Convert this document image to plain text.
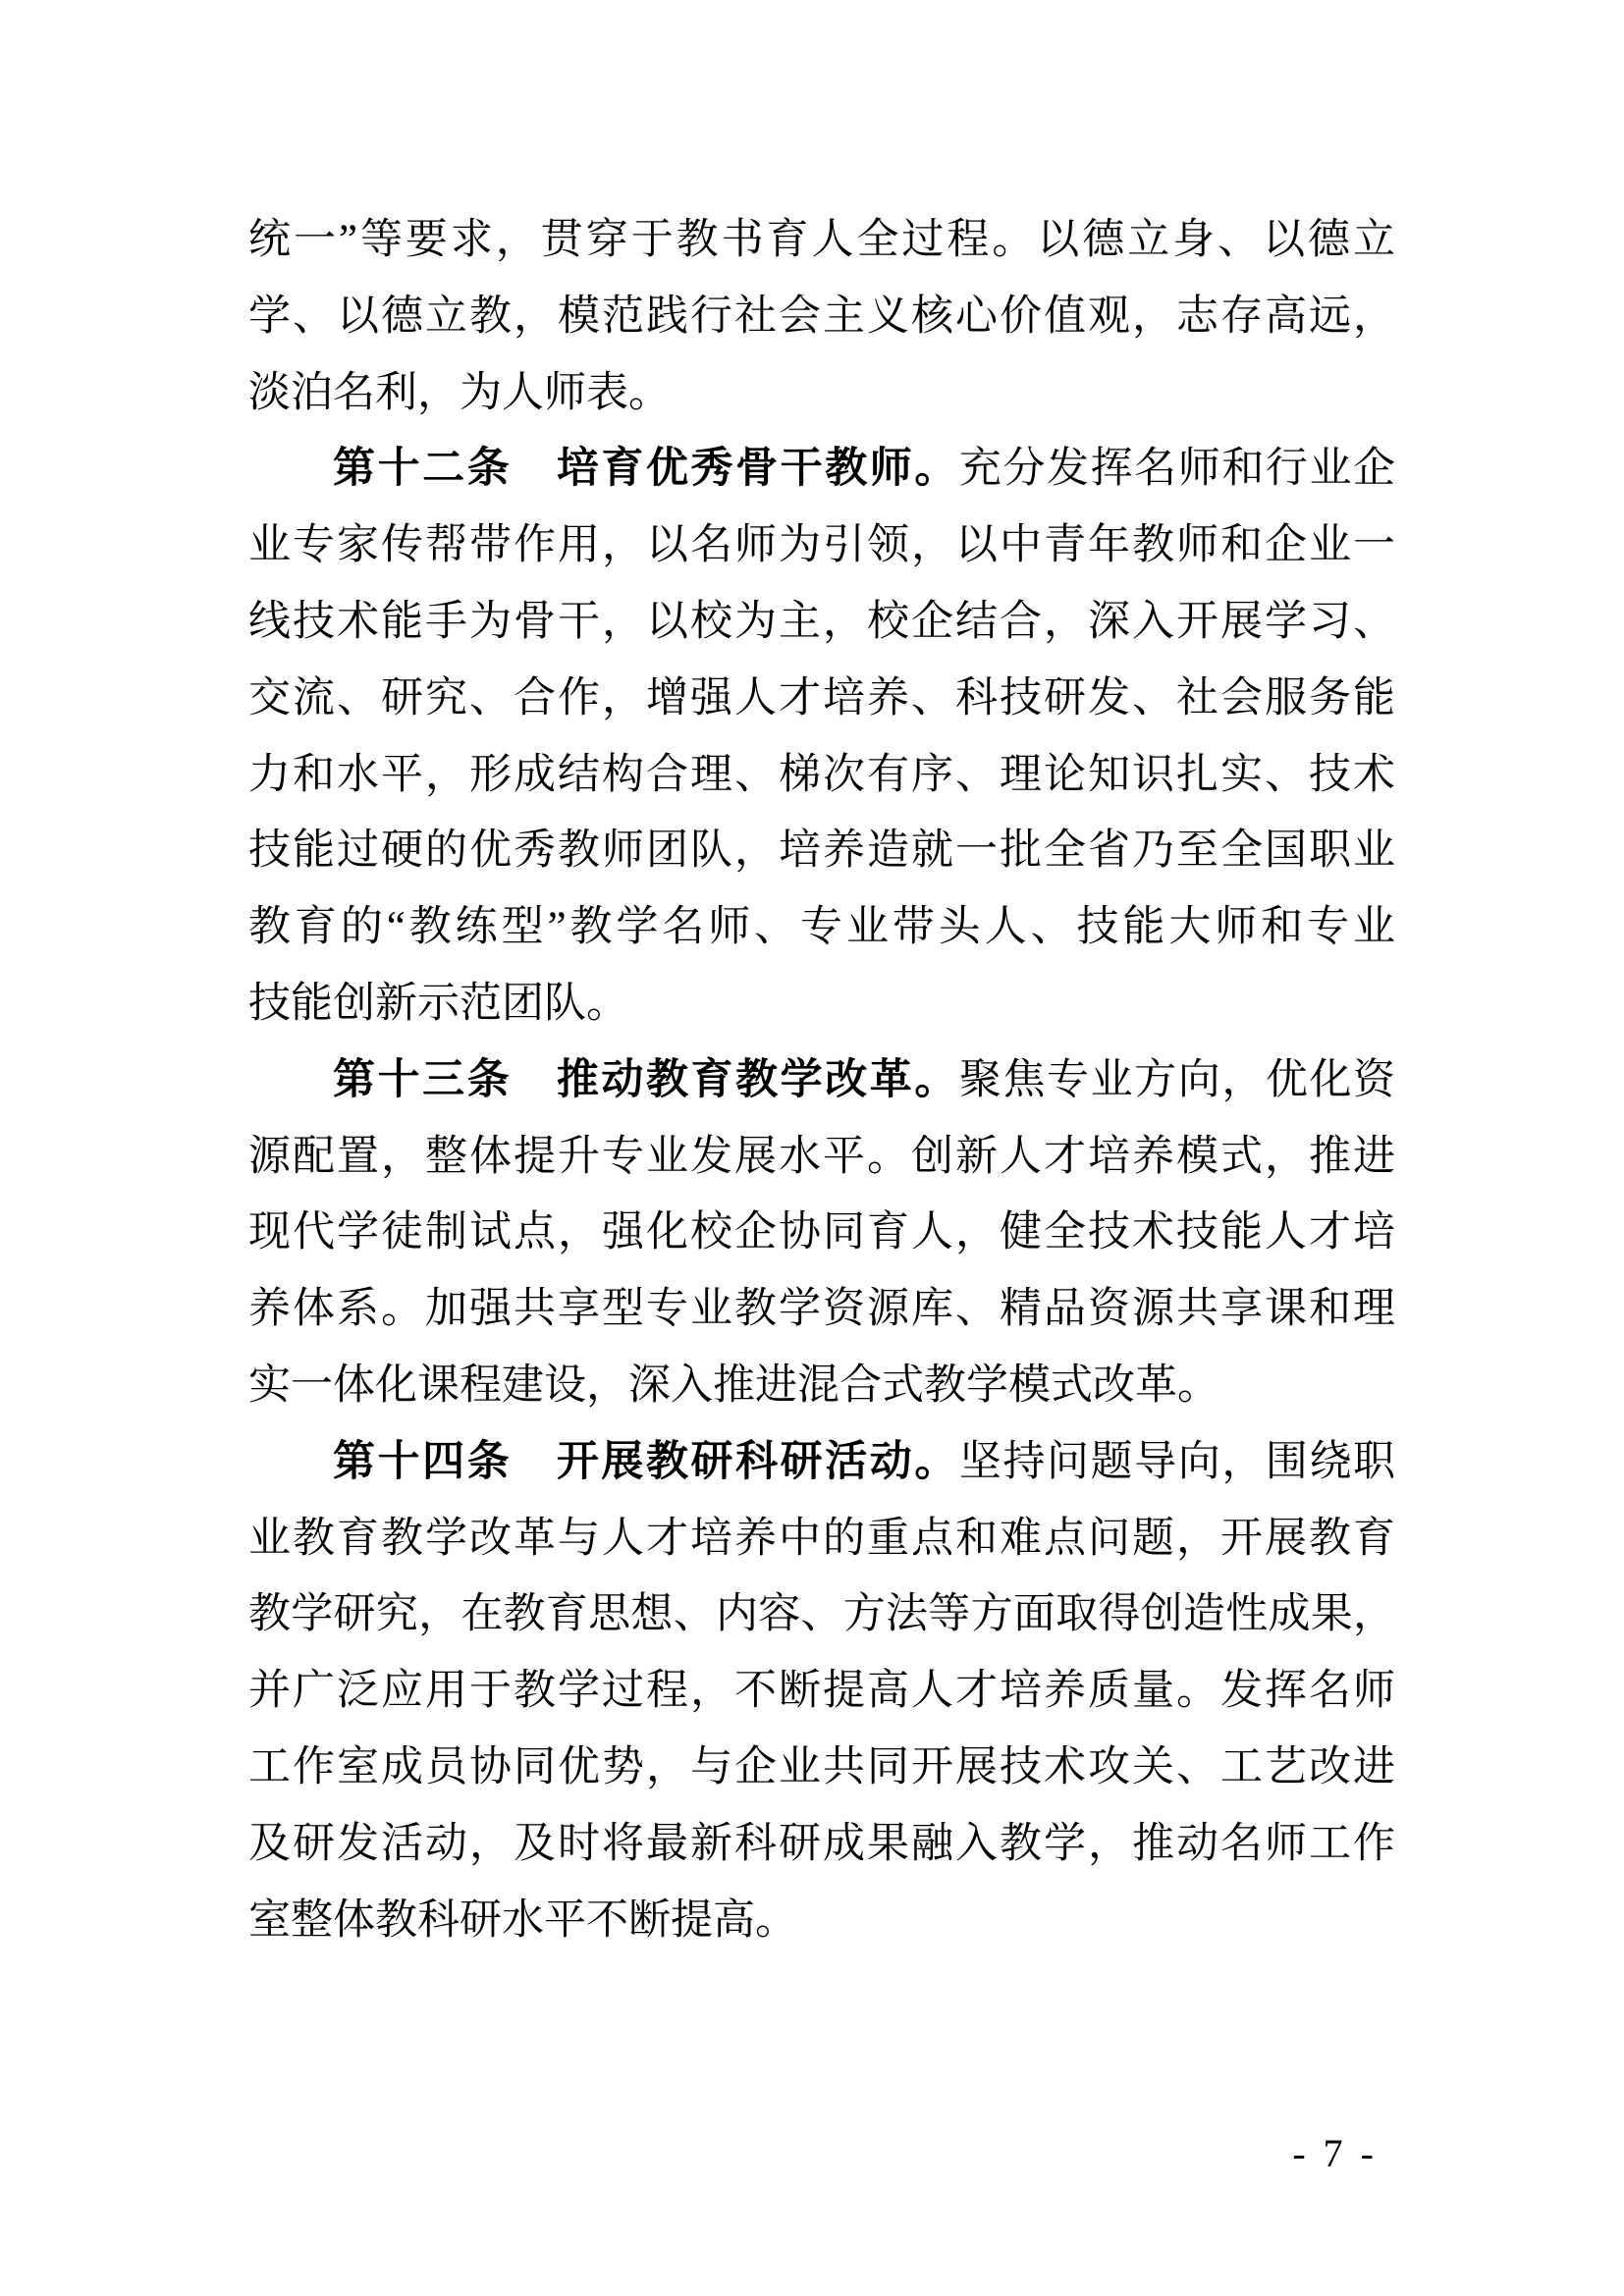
统一”等要求，贯穿于教书育人全过程。以德立身、以德立
学、以德立教，模范践行社会主义核心价值观，志存高远，
淡泊名利，为人师表。
第十二条　培育优秀骨干教师。充分发挥名师和行业企
业专家传帮带作用，以名师为引领，以中青年教师和企业一
线技术能手为骨干，以校为主，校企结合，深入开展学习、
交流、研究、合作，增强人才培养、科技研发、社会服务能
力和水平，形成结构合理、梯次有序、理论知识扎实、技术
技能过硬的优秀教师团队，培养造就一批全省乃至全国职业
教育的“教练型”教学名师、专业带头人、技能大师和专业
技能创新示范团队。
第十三条　推动教育教学改革。聚焦专业方向，优化资
源配置，整体提升专业发展水平。创新人才培养模式，推进
现代学徒制试点，强化校企协同育人，健全技术技能人才培
养体系。加强共享型专业教学资源库、精品资源共享课和理
实一体化课程建设，深入推进混合式教学模式改革。
第十四条　开展教研科研活动。坚持问题导向，围绕职
业教育教学改革与人才培养中的重点和难点问题，开展教育
教学研究，在教育思想、内容、方法等方面取得创造性成果，
并广泛应用于教学过程，不断提高人才培养质量。发挥名师
工作室成员协同优势，与企业共同开展技术攻关、工艺改进
及研发活动，及时将最新科研成果融入教学，推动名师工作
室整体教科研水平不断提高。
- 7 -
